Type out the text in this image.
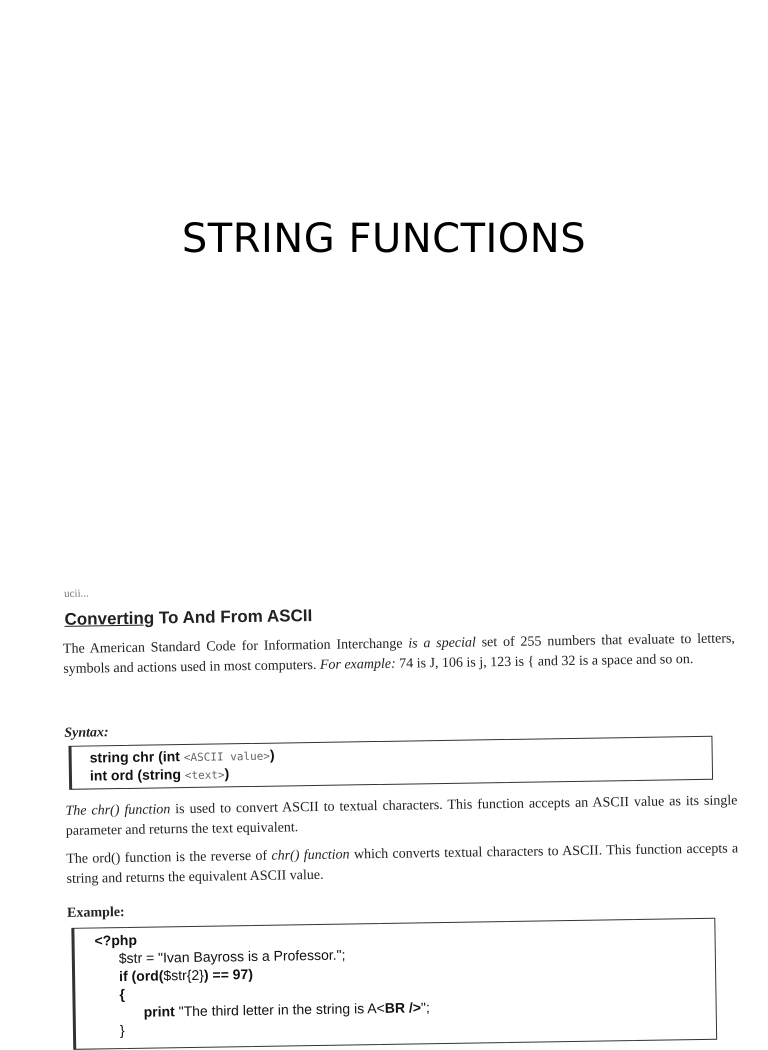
STRING FUNCTIONS
ucii...
Converting To And From ASCII
The American Standard Code for Information Interchange is a special set of 255 numbers that evaluate to letters, symbols and actions used in most computers. For example: 74 is J, 106 is j, 123 is { and 32 is a space and so on.
Syntax:
string chr (int <ASCII value>)
int ord (string <text>)
The chr() function is used to convert ASCII to textual characters. This function accepts an ASCII value as its single parameter and returns the text equivalent.
The ord() function is the reverse of chr() function which converts textual characters to ASCII. This function accepts a string and returns the equivalent ASCII value.
Example:
<?php
$str = "Ivan Bayross is a Professor.";
if (ord($str{2}) == 97)
{
print "The third letter in the string is A<BR />";
}
